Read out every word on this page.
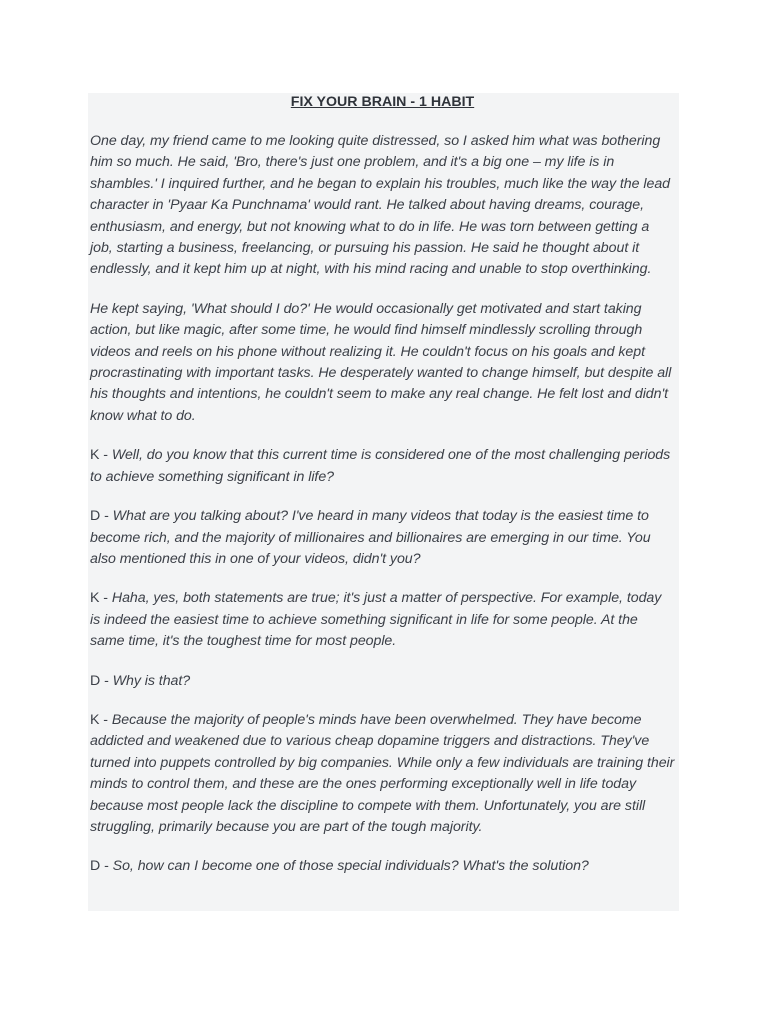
FIX YOUR BRAIN - 1 HABIT

One day, my friend came to me looking quite distressed, so I asked him what was bothering him so much. He said, 'Bro, there's just one problem, and it's a big one – my life is in shambles.' I inquired further, and he began to explain his troubles, much like the way the lead character in 'Pyaar Ka Punchnama' would rant. He talked about having dreams, courage, enthusiasm, and energy, but not knowing what to do in life. He was torn between getting a job, starting a business, freelancing, or pursuing his passion. He said he thought about it endlessly, and it kept him up at night, with his mind racing and unable to stop overthinking.

He kept saying, 'What should I do?' He would occasionally get motivated and start taking action, but like magic, after some time, he would find himself mindlessly scrolling through videos and reels on his phone without realizing it. He couldn't focus on his goals and kept procrastinating with important tasks. He desperately wanted to change himself, but despite all his thoughts and intentions, he couldn't seem to make any real change. He felt lost and didn't know what to do.

K - Well, do you know that this current time is considered one of the most challenging periods to achieve something significant in life?

D - What are you talking about? I've heard in many videos that today is the easiest time to become rich, and the majority of millionaires and billionaires are emerging in our time. You also mentioned this in one of your videos, didn't you?

K - Haha, yes, both statements are true; it's just a matter of perspective. For example, today is indeed the easiest time to achieve something significant in life for some people. At the same time, it's the toughest time for most people.

D - Why is that?

K - Because the majority of people's minds have been overwhelmed. They have become addicted and weakened due to various cheap dopamine triggers and distractions. They've turned into puppets controlled by big companies. While only a few individuals are training their minds to control them, and these are the ones performing exceptionally well in life today because most people lack the discipline to compete with them. Unfortunately, you are still struggling, primarily because you are part of the tough majority.

D - So, how can I become one of those special individuals? What's the solution?
